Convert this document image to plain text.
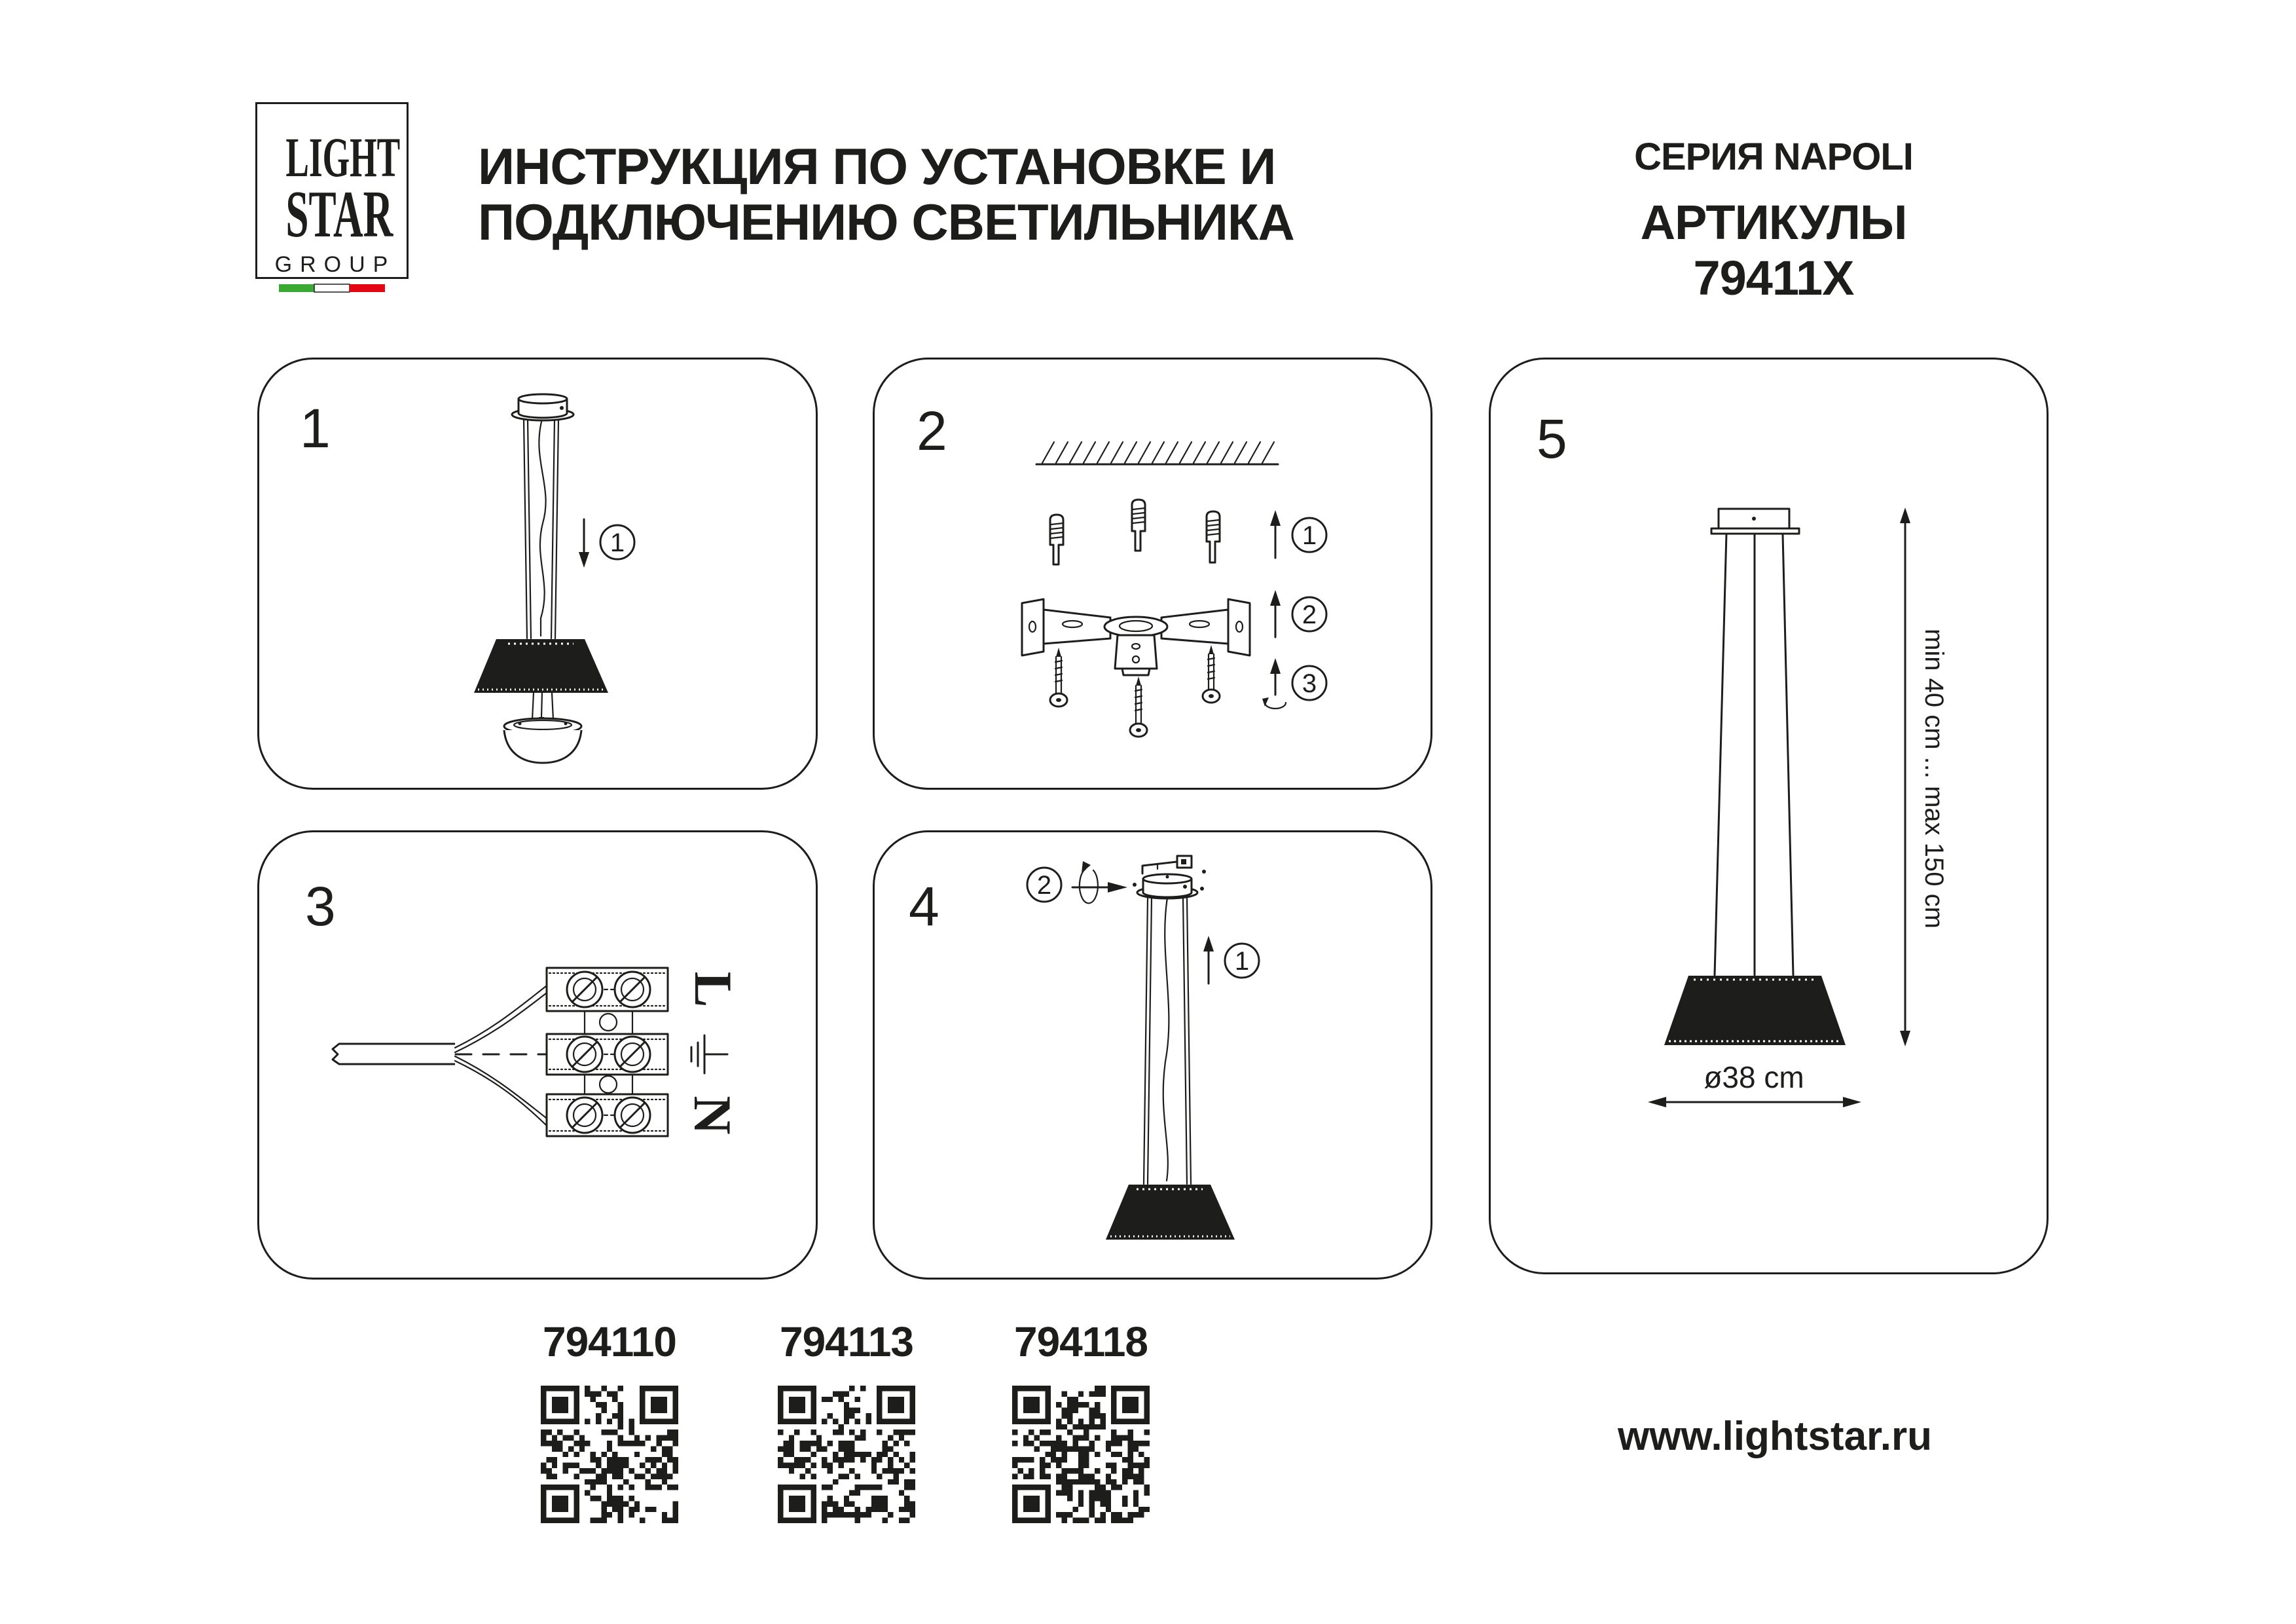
LIGHT
STAR
GROUP
ИНСТРУКЦИЯ ПО УСТАНОВКЕ И
ПОДКЛЮЧЕНИЮ СВЕТИЛЬНИКА
СЕРИЯ NAPOLI
АРТИКУЛЫ 79411X
1
1
2
1
2
3
3
L
N
4	2
1
5
min 40 cm ... max 150 cm
ø38 cm
794110 794113 794118
www.lightstar.ru
